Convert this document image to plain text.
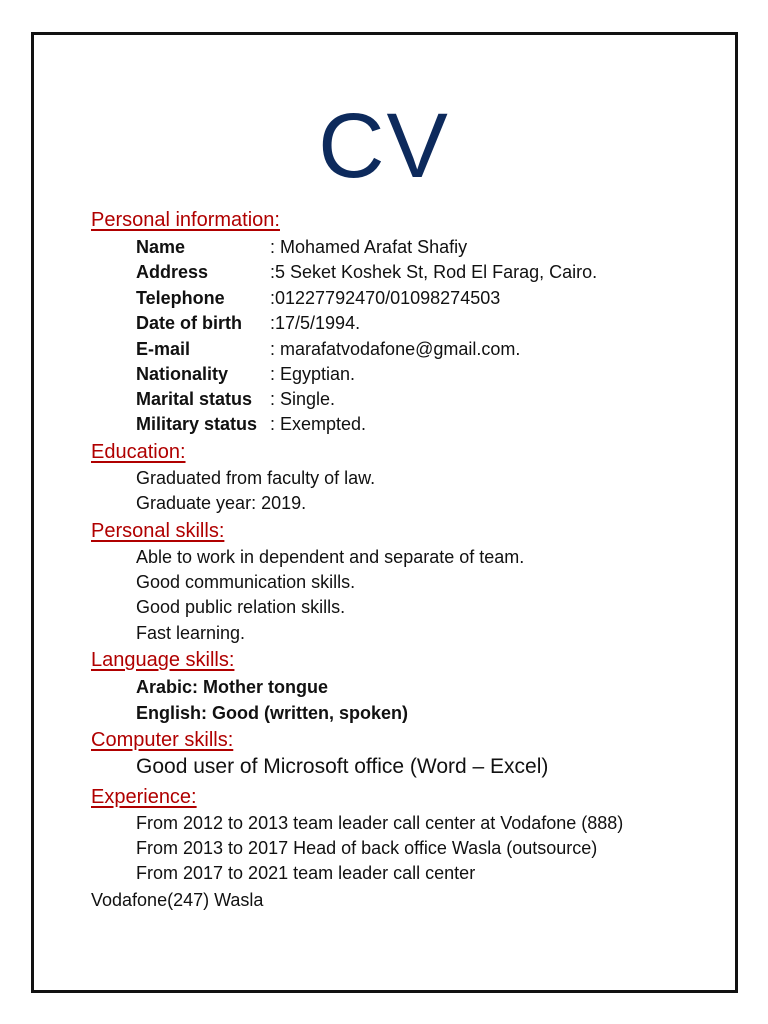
CV
Personal information:
Name	: Mohamed Arafat Shafiy
Address	:5 Seket Koshek St, Rod El Farag, Cairo.
Telephone	:01227792470/01098274503
Date of birth :17/5/1994.
E-mail	: marafatvodafone@gmail.com.
Nationality : Egyptian.
Marital status : Single.
Military status : Exempted.
Education:
Graduated from faculty of law.
Graduate year: 2019.
Personal skills:
Able to work in dependent and separate of team.
Good communication skills.
Good public relation skills.
Fast learning.
Language skills:
Arabic: Mother tongue
English: Good (written, spoken)
Computer skills:
Good user of Microsoft office (Word – Excel)
Experience:
From 2012 to 2013 team leader call center at Vodafone (888)
From 2013 to 2017 Head of back office Wasla (outsource)
From 2017 to 2021 team leader call center
Vodafone(247) Wasla
